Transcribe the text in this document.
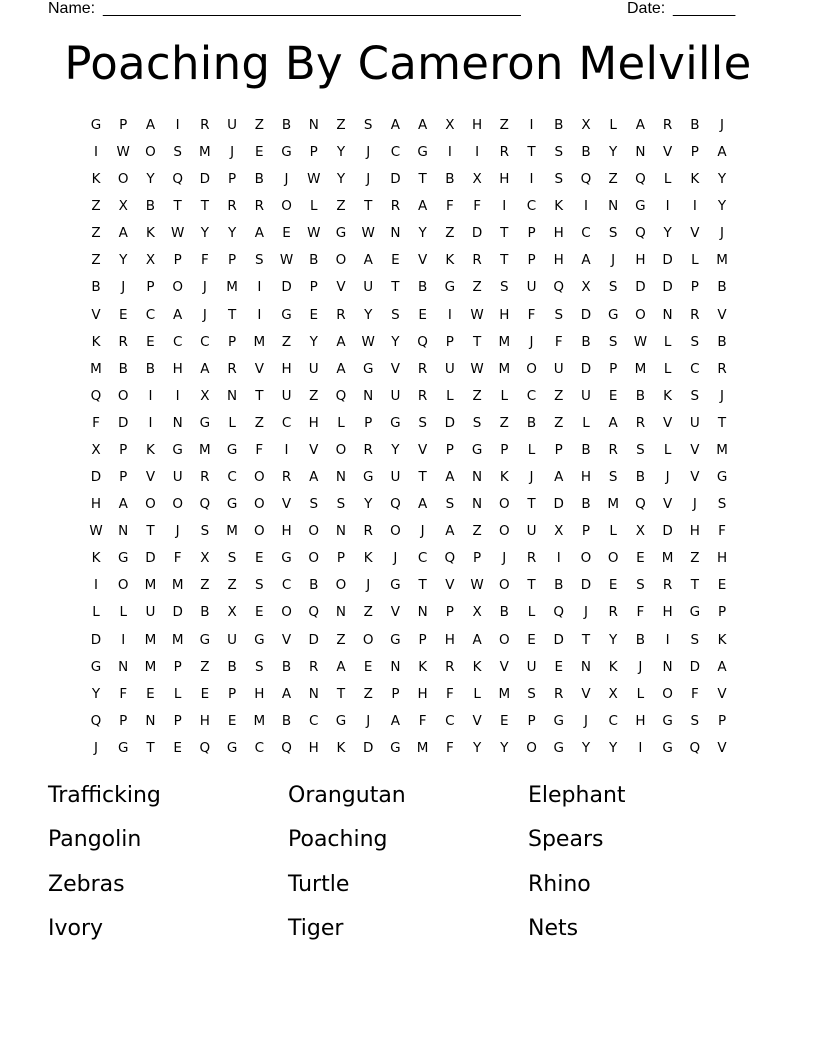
Name: ________________________________________________	Date: _______
Poaching By Cameron Melville
G	P	A	I	R	U	Z	B	N	Z	S	A	A	X	H	Z	I	B	X	L	A	R	B	J
I	W	O	S	M	J	E	G	P	Y	J	C	G	I	I	R	T	S	B	Y	N	V	P	A
K	O	Y	Q	D	P	B	J	W	Y	J	D	T	B	X	H	I	S	Q	Z	Q	L	K	Y
Z	X	B	T	T	R	R	O	L	Z	T	R	A	F	F	I	C	K	I	N	G	I	I	Y
Z	A	K	W	Y	Y	A	E	W	G	W	N	Y	Z	D	T	P	H	C	S	Q	Y	V	J
Z	Y	X	P	F	P	S	W	B	O	A	E	V	K	R	T	P	H	A	J	H	D	L	M
B	J	P	O	J	M	I	D	P	V	U	T	B	G	Z	S	U	Q	X	S	D	D	P	B
V	E	C	A	J	T	I	G	E	R	Y	S	E	I	W	H	F	S	D	G	O	N	R	V
K	R	E	C	C	P	M	Z	Y	A	W	Y	Q	P	T	M	J	F	B	S	W	L	S	B
M	B	B	H	A	R	V	H	U	A	G	V	R	U	W	M	O	U	D	P	M	L	C	R
Q	O	I	I	X	N	T	U	Z	Q	N	U	R	L	Z	L	C	Z	U	E	B	K	S	J
F	D	I	N	G	L	Z	C	H	L	P	G	S	D	S	Z	B	Z	L	A	R	V	U	T
X	P	K	G	M	G	F	I	V	O	R	Y	V	P	G	P	L	P	B	R	S	L	V	M
D	P	V	U	R	C	O	R	A	N	G	U	T	A	N	K	J	A	H	S	B	J	V	G
H	A	O	O	Q	G	O	V	S	S	Y	Q	A	S	N	O	T	D	B	M	Q	V	J	S
W	N	T	J	S	M	O	H	O	N	R	O	J	A	Z	O	U	X	P	L	X	D	H	F
K	G	D	F	X	S	E	G	O	P	K	J	C	Q	P	J	R	I	O	O	E	M	Z	H
I	O	M	M	Z	Z	S	C	B	O	J	G	T	V	W	O	T	B	D	E	S	R	T	E
L	L	U	D	B	X	E	O	Q	N	Z	V	N	P	X	B	L	Q	J	R	F	H	G	P
D	I	M	M	G	U	G	V	D	Z	O	G	P	H	A	O	E	D	T	Y	B	I	S	K
G	N	M	P	Z	B	S	B	R	A	E	N	K	R	K	V	U	E	N	K	J	N	D	A
Y	F	E	L	E	P	H	A	N	T	Z	P	H	F	L	M	S	R	V	X	L	O	F	V
Q	P	N	P	H	E	M	B	C	G	J	A	F	C	V	E	P	G	J	C	H	G	S	P
J	G	T	E	Q	G	C	Q	H	K	D	G	M	F	Y	Y	O	G	Y	Y	I	G	Q	V
Trafficking	Orangutan	Elephant
Pangolin	Poaching	Spears
Zebras	Turtle	Rhino
Ivory	Tiger	Nets
